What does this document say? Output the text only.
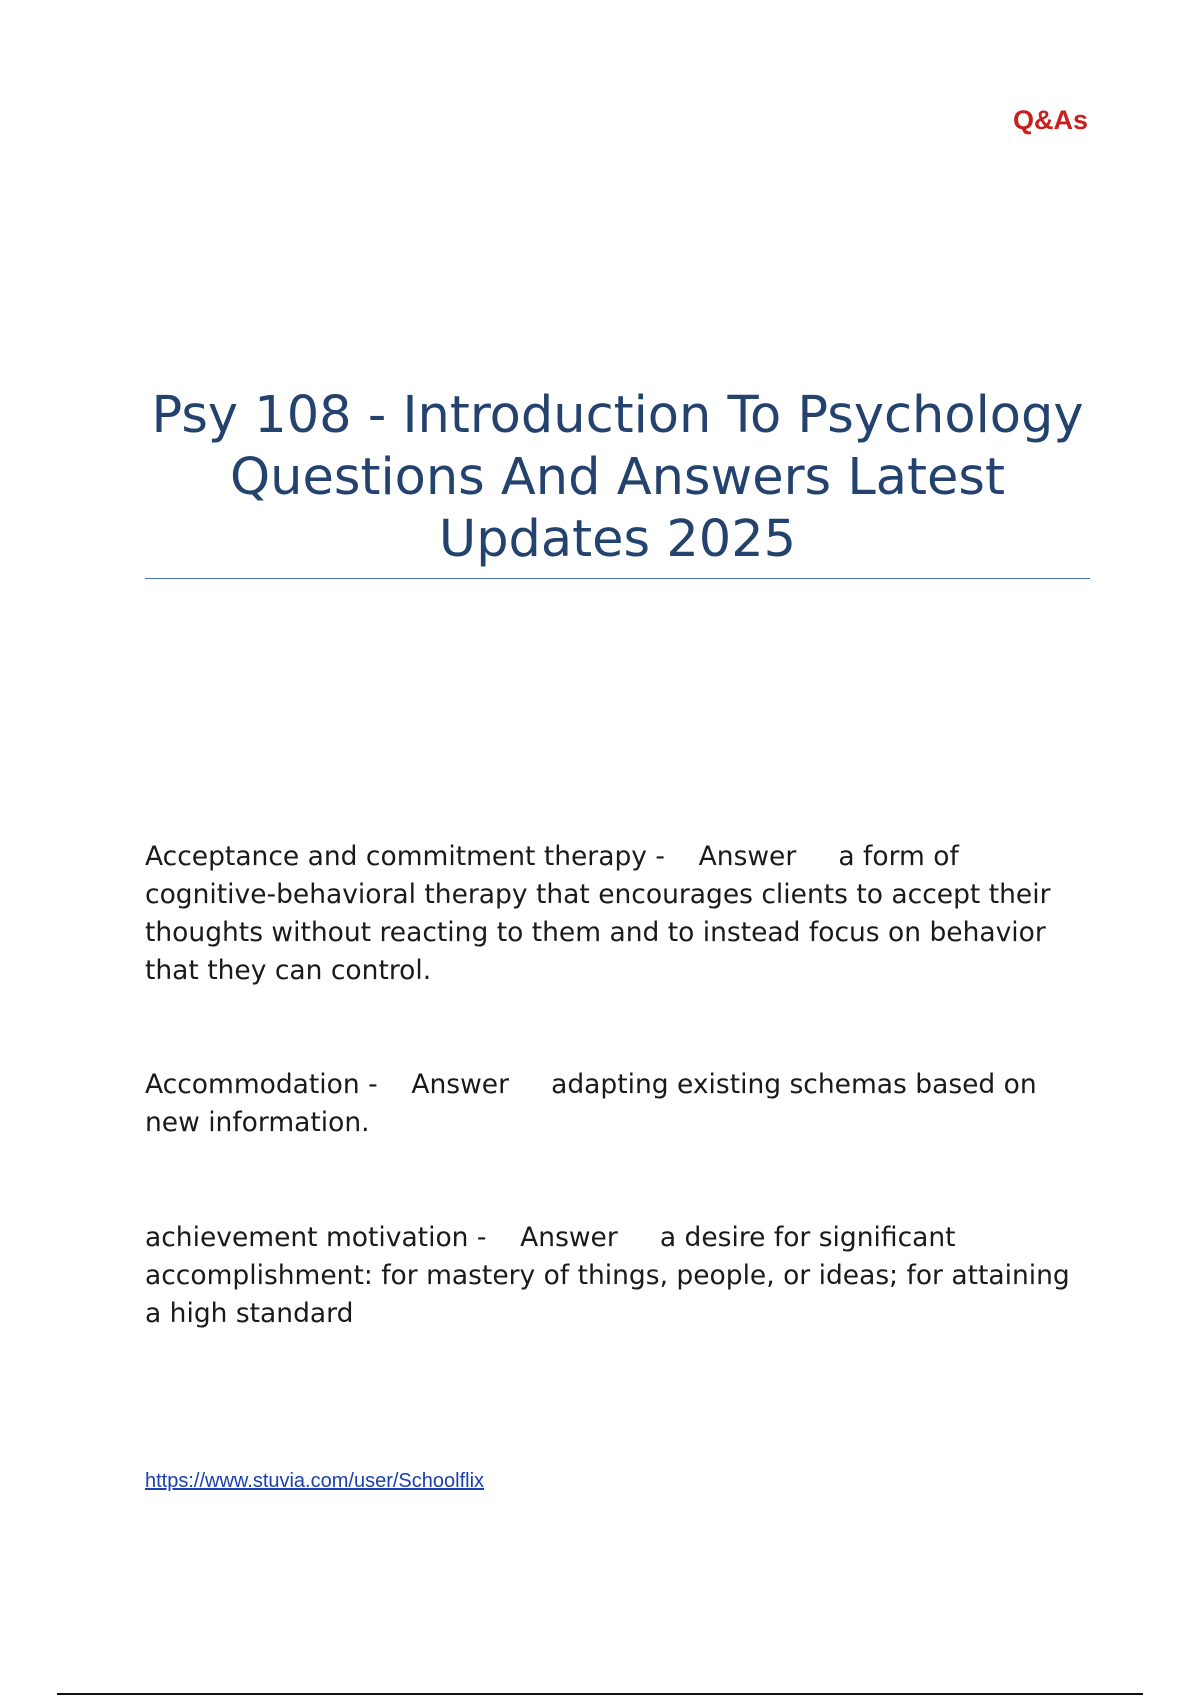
Q&As
Psy 108 - Introduction To Psychology Questions And Answers Latest Updates 2025

Acceptance and commitment therapy - Answer a form of cognitive-behavioral therapy that encourages clients to accept their thoughts without reacting to them and to instead focus on behavior that they can control.

Accommodation - Answer adapting existing schemas based on new information.

achievement motivation - Answer a desire for significant accomplishment: for mastery of things, people, or ideas; for attaining a high standard

https://www.stuvia.com/user/Schoolflix
